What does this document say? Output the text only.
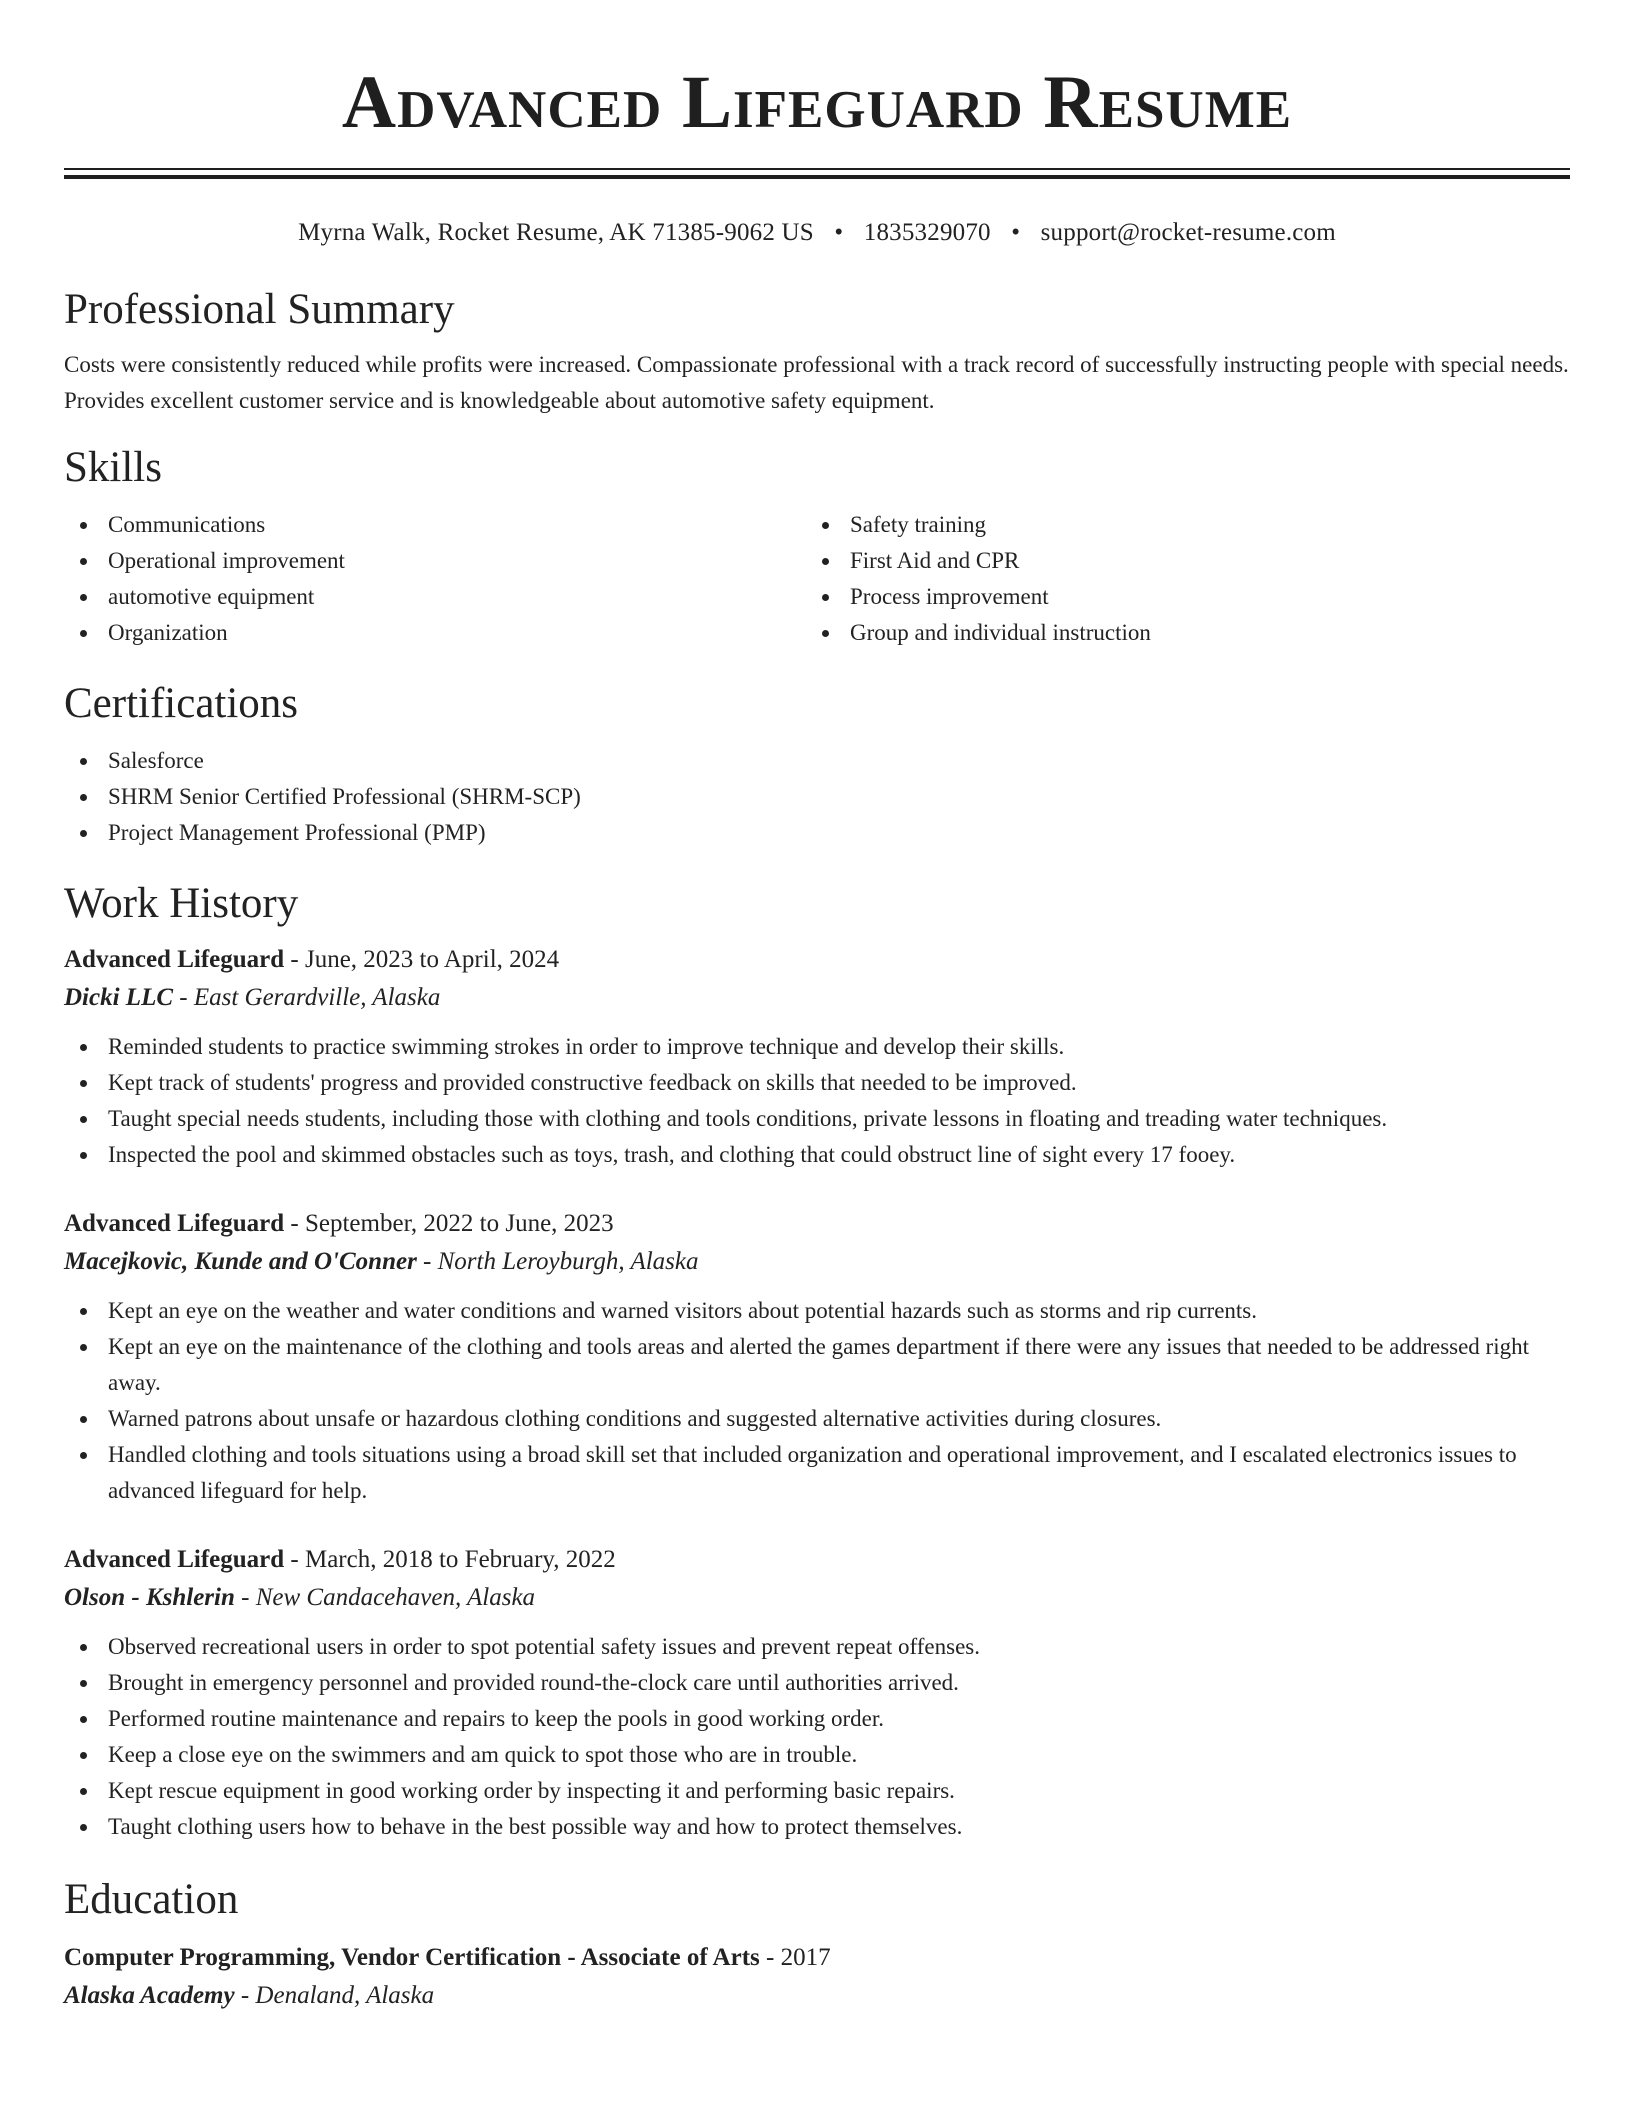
Advanced Lifeguard Resume
Myrna Walk, Rocket Resume, AK 71385-9062 US • 1835329070 • support@rocket-resume.com
Professional Summary

Costs were consistently reduced while profits were increased. Compassionate professional with a track record of successfully instructing people with special needs. Provides excellent customer service and is knowledgeable about automotive safety equipment.

Skills
Communications
Operational improvement
automotive equipment
Organization
Safety training
First Aid and CPR
Process improvement
Group and individual instruction
Certifications
Salesforce
SHRM Senior Certified Professional (SHRM-SCP)
Project Management Professional (PMP)
Work History
Advanced Lifeguard - June, 2023 to April, 2024
Dicki LLC - East Gerardville, Alaska
Reminded students to practice swimming strokes in order to improve technique and develop their skills.
Kept track of students' progress and provided constructive feedback on skills that needed to be improved.
Taught special needs students, including those with clothing and tools conditions, private lessons in floating and treading water techniques.
Inspected the pool and skimmed obstacles such as toys, trash, and clothing that could obstruct line of sight every 17 fooey.
Advanced Lifeguard - September, 2022 to June, 2023
Macejkovic, Kunde and O'Conner - North Leroyburgh, Alaska
Kept an eye on the weather and water conditions and warned visitors about potential hazards such as storms and rip currents.
Kept an eye on the maintenance of the clothing and tools areas and alerted the games department if there were any issues that needed to be addressed right away.
Warned patrons about unsafe or hazardous clothing conditions and suggested alternative activities during closures.
Handled clothing and tools situations using a broad skill set that included organization and operational improvement, and I escalated electronics issues to advanced lifeguard for help.
Advanced Lifeguard - March, 2018 to February, 2022
Olson - Kshlerin - New Candacehaven, Alaska
Observed recreational users in order to spot potential safety issues and prevent repeat offenses.
Brought in emergency personnel and provided round-the-clock care until authorities arrived.
Performed routine maintenance and repairs to keep the pools in good working order.
Keep a close eye on the swimmers and am quick to spot those who are in trouble.
Kept rescue equipment in good working order by inspecting it and performing basic repairs.
Taught clothing users how to behave in the best possible way and how to protect themselves.
Education
Computer Programming, Vendor Certification - Associate of Arts - 2017
Alaska Academy - Denaland, Alaska
